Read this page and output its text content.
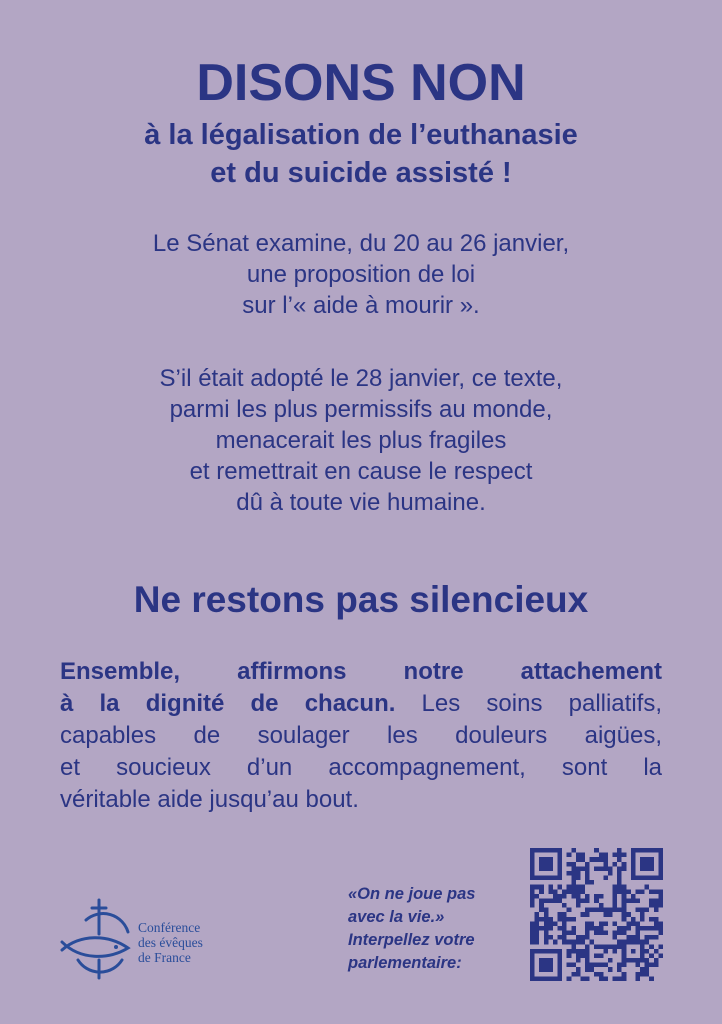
DISONS NON
à la légalisation de l’euthanasie
et du suicide assisté !

Le Sénat examine, du 20 au 26 janvier,
une proposition de loi
sur l’« aide à mourir ».

S’il était adopté le 28 janvier, ce texte,
parmi les plus permissifs au monde,
menacerait les plus fragiles
et remettrait en cause le respect
dû à toute vie humaine.

Ne restons pas silencieux

Ensemble, affirmons notre attachement
à la dignité de chacun. Les soins palliatifs,
capables de soulager les douleurs aigües,
et soucieux d’un accompagnement, sont la
véritable aide jusqu’au bout.

Conférence
des évêques
de France
«On ne joue pas
avec la vie.»
Interpellez votre
parlementaire:
